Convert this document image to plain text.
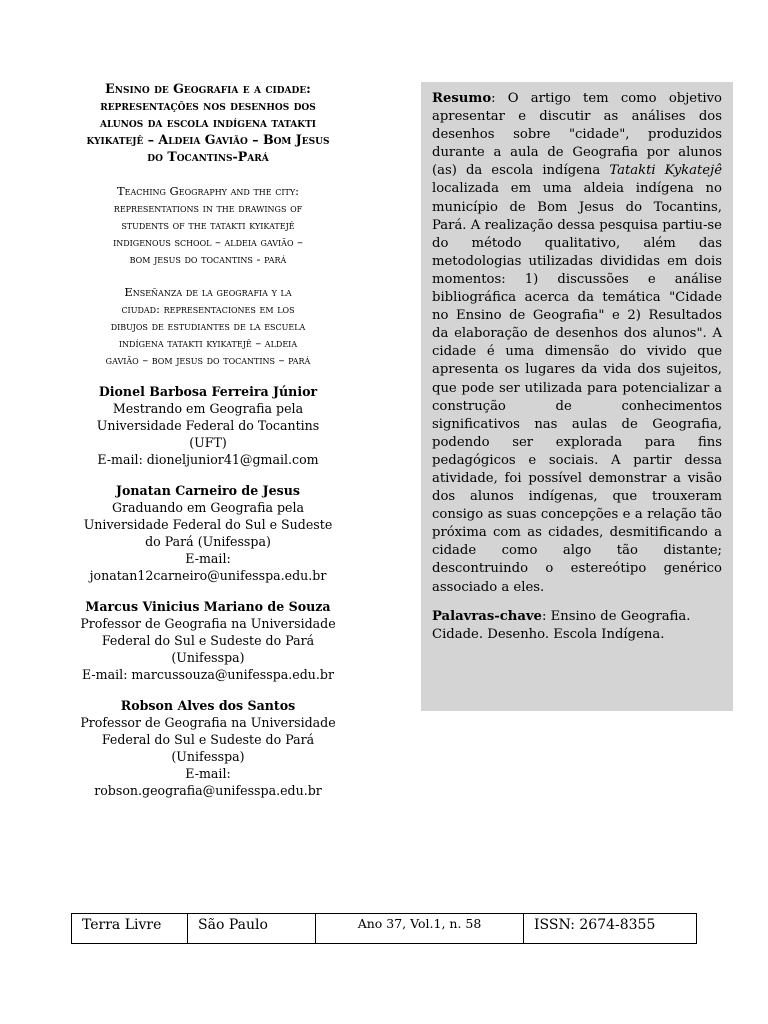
Ensino de Geografia e a cidade:
representações nos desenhos dos
alunos da escola indígena tatakti
kyikatejê – Aldeia Gavião – Bom Jesus
do Tocantins-Pará
Teaching Geography and the city:
representations in the drawings of
students of the tatakti kyikatejê
indigenous school – aldeia gavião –
bom jesus do tocantins - pará
Enseñanza de la geografia y la
ciudad: representaciones em los
dibujos de estudiantes de la escuela
indígena tatakti kyikatejê – aldeia
gavião – bom jesus do tocantins – pará
Dionel Barbosa Ferreira Júnior
Mestrando em Geografia pela
Universidade Federal do Tocantins
(UFT)
E-mail: dioneljunior41@gmail.com
Jonatan Carneiro de Jesus
Graduando em Geografia pela
Universidade Federal do Sul e Sudeste
do Pará (Unifesspa)
E-mail:
jonatan12carneiro@unifesspa.edu.br
Marcus Vinicius Mariano de Souza
Professor de Geografia na Universidade
Federal do Sul e Sudeste do Pará
(Unifesspa)
E-mail: marcussouza@unifesspa.edu.br
Robson Alves dos Santos
Professor de Geografia na Universidade
Federal do Sul e Sudeste do Pará
(Unifesspa)
E-mail:
robson.geografia@unifesspa.edu.br

Resumo: O artigo tem como objetivo apresentar e discutir as análises dos desenhos sobre "cidade", produzidos durante a aula de Geografia por alunos (as) da escola indígena Tatakti Kykatejê localizada em uma aldeia indígena no município de Bom Jesus do Tocantins, Pará. A realização dessa pesquisa partiu-se do método qualitativo, além das metodologias utilizadas divididas em dois momentos: 1) discussões e análise bibliográfica acerca da temática "Cidade no Ensino de Geografia" e 2) Resultados da elaboração de desenhos dos alunos". A cidade é uma dimensão do vivido que apresenta os lugares da vida dos sujeitos, que pode ser utilizada para potencializar a construção de conhecimentos significativos nas aulas de Geografia, podendo ser explorada para fins pedagógicos e sociais. A partir dessa atividade, foi possível demonstrar a visão dos alunos indígenas, que trouxeram consigo as suas concepções e a relação tão próxima com as cidades, desmitificando a cidade como algo tão distante; descontruindo o estereótipo genérico associado a eles.

Palavras-chave: Ensino de Geografia. Cidade. Desenho. Escola Indígena.

Terra Livre	São Paulo	Ano 37, Vol.1, n. 58	ISSN: 2674-8355
